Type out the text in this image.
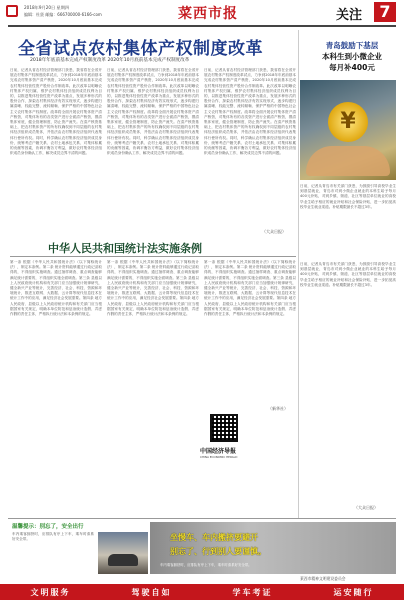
2018年9月20日 星期四
编辑：杜贤 邮编：666700000-6166-com	菜西市报	关注	7
全省试点农村集体产权制度改革
2018年年底前基本完成产权制度改革 2020年10月底前基本完成产权制度改革
日前，记者从省农村经济管理部门获悉，我省将在全省开展农村集体产权制度改革试点，力争到2018年年底前基本完成农村集体资产清产核资，2020年10月底前基本完成农村集体经营性资产股份合作制改革。此次改革以明晰农村集体产权归属、维护农村集体经济组织成员权利为目的，以推进集体经营性资产改革为重点，发展多种形式的股份合作，探索农村集体经济有效实现形式，逐步构建归属清晰、权能完整、流转顺畅、保护严格的中国特色社会主义农村集体产权制度。改革将全面开展农村集体资产清产核资，对集体所有的各类资产进行全面清产核资，摸清集体家底，健全管理制度，防止资产流失。在清产核资基础上，把农村集体资产的所有权确权到不同层级的农村集体经济组织成员集体，并依法由农村集体经济组织代表集体行使所有权。同时，科学确认农村集体经济组织成员身份，统筹考虑户籍关系、农村土地承包关系、对集体积累的贡献等因素，协调平衡各方利益，做好农村集体经济组织成员身份确认工作，解决成员边界不清的问题。
日前，记者从省农村经济管理部门获悉，我省将在全省开展农村集体产权制度改革试点，力争到2018年年底前基本完成农村集体资产清产核资，2020年10月底前基本完成农村集体经营性资产股份合作制改革。此次改革以明晰农村集体产权归属、维护农村集体经济组织成员权利为目的，以推进集体经营性资产改革为重点，发展多种形式的股份合作，探索农村集体经济有效实现形式，逐步构建归属清晰、权能完整、流转顺畅、保护严格的中国特色社会主义农村集体产权制度。改革将全面开展农村集体资产清产核资，对集体所有的各类资产进行全面清产核资，摸清集体家底，健全管理制度，防止资产流失。在清产核资基础上，把农村集体资产的所有权确权到不同层级的农村集体经济组织成员集体，并依法由农村集体经济组织代表集体行使所有权。同时，科学确认农村集体经济组织成员身份，统筹考虑户籍关系、农村土地承包关系、对集体积累的贡献等因素，协调平衡各方利益，做好农村集体经济组织成员身份确认工作，解决成员边界不清的问题。
日前，记者从省农村经济管理部门获悉，我省将在全省开展农村集体产权制度改革试点，力争到2018年年底前基本完成农村集体资产清产核资，2020年10月底前基本完成农村集体经营性资产股份合作制改革。此次改革以明晰农村集体产权归属、维护农村集体经济组织成员权利为目的，以推进集体经营性资产改革为重点，发展多种形式的股份合作，探索农村集体经济有效实现形式，逐步构建归属清晰、权能完整、流转顺畅、保护严格的中国特色社会主义农村集体产权制度。改革将全面开展农村集体资产清产核资，对集体所有的各类资产进行全面清产核资，摸清集体家底，健全管理制度，防止资产流失。在清产核资基础上，把农村集体资产的所有权确权到不同层级的农村集体经济组织成员集体，并依法由农村集体经济组织代表集体行使所有权。同时，科学确认农村集体经济组织成员身份，统筹考虑户籍关系、农村土地承包关系、对集体积累的贡献等因素，协调平衡各方利益，做好农村集体经济组织成员身份确认工作，解决成员边界不清的问题。
（大众日报）
青岛鼓励下基层
本科生到小微企业
每月补400元
¥
日前，记者从青岛市有关部门获悉，为鼓励引导高校毕业生到基层就业，青岛市对到小微企业就业的本科生给予每月400元补贴，对到乡镇、街道、社区等基层单位就业的高校毕业生给予相应的就业补贴和社会保险补贴，进一步拓宽高校毕业生就业渠道。补贴期限最长不超过3年。
日前，记者从青岛市有关部门获悉，为鼓励引导高校毕业生到基层就业，青岛市对到小微企业就业的本科生给予每月400元补贴，对到乡镇、街道、社区等基层单位就业的高校毕业生给予相应的就业补贴和社会保险补贴，进一步拓宽高校毕业生就业渠道。补贴期限最长不超过3年。
（大众日报）
中华人民共和国统计法实施条例
第一条 根据《中华人民共和国统计法》（以下简称统计法），制定本条例。第二条 统计资料能够通过行政记录取得的，不得组织实施调查。通过抽样调查、重点调查能够满足统计需要的，不得组织实施全面调查。第三条 县级以上人民政府统计机构和有关部门应当加强统计规律研究，健全新兴产业等统计，完善经济、社会、科技、资源和环境统计，推进互联网、大数据、云计算等现代信息技术在统计工作中的应用，满足经济社会发展需要。第四条 地方人民政府、县级以上人民政府统计机构和有关部门应当根据国家有关规定，明确本单位防范和惩治统计造假、弄虚作假的责任主体，严格执行统计法和本条例的规定。
第一条 根据《中华人民共和国统计法》（以下简称统计法），制定本条例。第二条 统计资料能够通过行政记录取得的，不得组织实施调查。通过抽样调查、重点调查能够满足统计需要的，不得组织实施全面调查。第三条 县级以上人民政府统计机构和有关部门应当加强统计规律研究，健全新兴产业等统计，完善经济、社会、科技、资源和环境统计，推进互联网、大数据、云计算等现代信息技术在统计工作中的应用，满足经济社会发展需要。第四条 地方人民政府、县级以上人民政府统计机构和有关部门应当根据国家有关规定，明确本单位防范和惩治统计造假、弄虚作假的责任主体，严格执行统计法和本条例的规定。
第一条 根据《中华人民共和国统计法》（以下简称统计法），制定本条例。第二条 统计资料能够通过行政记录取得的，不得组织实施调查。通过抽样调查、重点调查能够满足统计需要的，不得组织实施全面调查。第三条 县级以上人民政府统计机构和有关部门应当加强统计规律研究，健全新兴产业等统计，完善经济、社会、科技、资源和环境统计，推进互联网、大数据、云计算等现代信息技术在统计工作中的应用，满足经济社会发展需要。第四条 地方人民政府、县级以上人民政府统计机构和有关部门应当根据国家有关规定，明确本单位防范和惩治统计造假、弄虚作假的责任主体，严格执行统计法和本条例的规定。
（新华社）
中国经济导报
CHINA ECONOMIC HERALD
温馨提示：别忘了，安全出行
车内乘客拥挤时，应排队有序上下车，乘车时请系好安全带。	坐慢车、车内搬挤要避开
别忘了、行到别人要谨慎。
车内乘客拥挤时，应排队有序上下车，乘车时请系好安全带。
莱西市精神文明建设委员会
文明服务	驾驶自如	学车考证	运安随行
